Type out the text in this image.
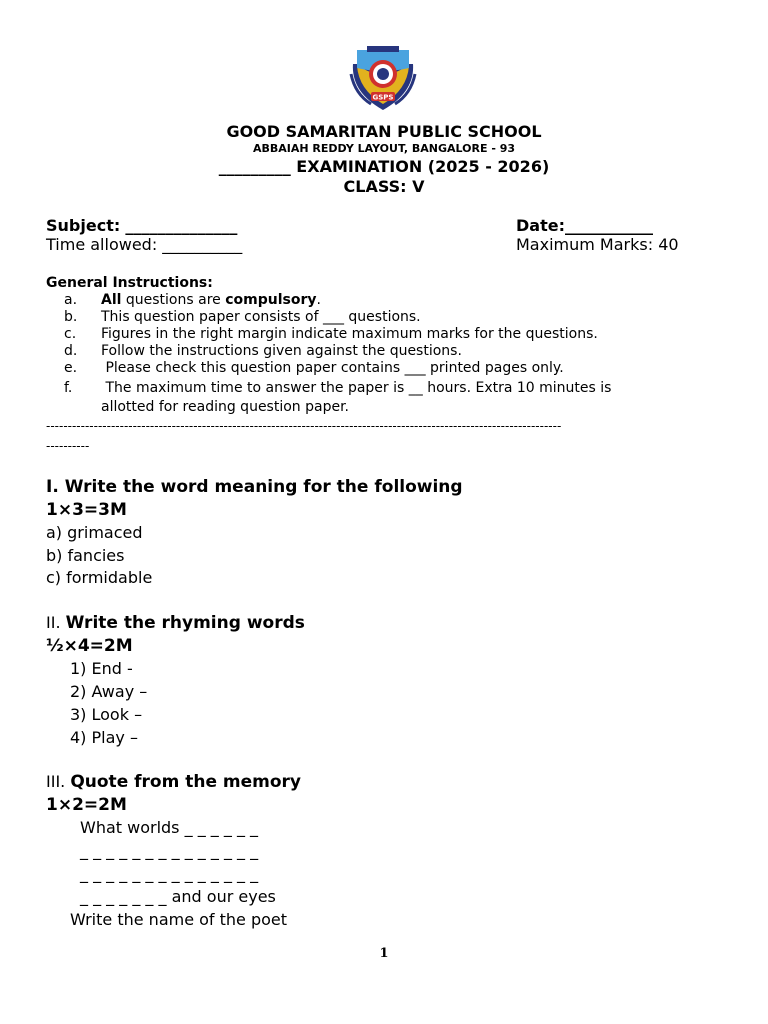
GSPS
GOOD SAMARITAN PUBLIC SCHOOL
ABBAIAH REDDY LAYOUT, BANGALORE - 93
_________ EXAMINATION (2025 - 2026)
CLASS: V
Subject: ______________	Date:___________
Time allowed: __________	Maximum Marks: 40
General Instructions:
a. All questions are compulsory.
b. This question paper consists of ___ questions.
c. Figures in the right margin indicate maximum marks for the questions.
d. Follow the instructions given against the questions.
e. Please check this question paper contains ___ printed pages only.
f. The maximum time to answer the paper is __ hours. Extra 10 minutes is
allotted for reading question paper.
-----------------------------------------------------------------------------------------------------------------------
----------
I. Write the word meaning for the following
1×3=3M
a) grimaced
b) fancies
c) formidable
II. Write the rhyming words
½×4=2M
1) End -
2) Away –
3) Look –
4) Play –
III. Quote from the memory
1×2=2M
What worlds _ _ _ _ _ _
_ _ _ _ _ _ _ _ _ _ _ _ _ _
_ _ _ _ _ _ _ _ _ _ _ _ _ _
_ _ _ _ _ _ _ and our eyes
Write the name of the poet
1
